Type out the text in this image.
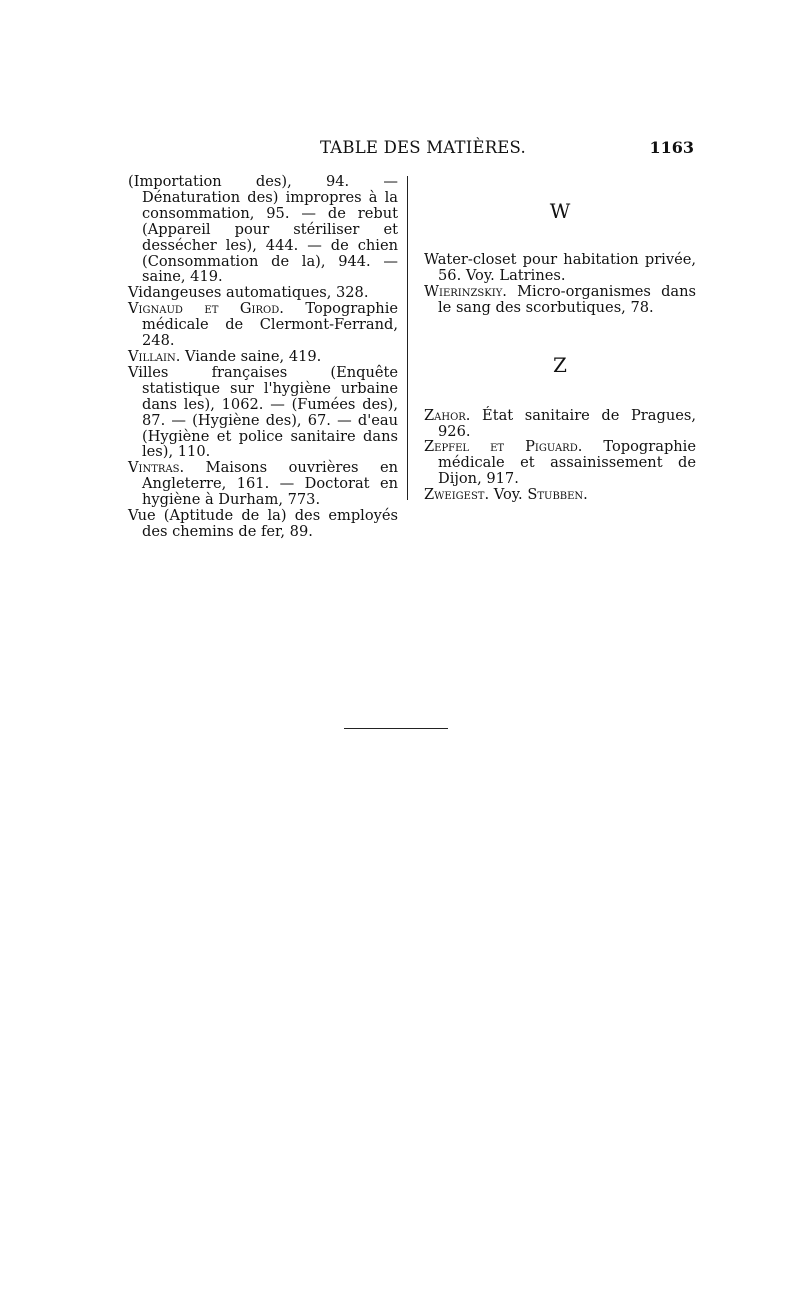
TABLE DES MATIÈRES.	1163

(Importation des), 94. — Dénaturation des) impropres à la consommation, 95. — de rebut (Appareil pour stériliser et dessécher les), 444. — de chien (Consommation de la), 944. — saine, 419.

Vidangeuses automatiques, 328.

Vignaud et Girod. Topographie médicale de Clermont-Ferrand, 248.

Villain. Viande saine, 419.

Villes françaises (Enquête statistique sur l'hygiène urbaine dans les), 1062. — (Fumées des), 87. — (Hygiène des), 67. — d'eau (Hygiène et police sanitaire dans les), 110.

Vintras. Maisons ouvrières en Angleterre, 161. — Doctorat en hygiène à Durham, 773.

Vue (Aptitude de la) des employés des chemins de fer, 89.

W

Water-closet pour habitation privée, 56. Voy. Latrines.

Wierinzskiy. Micro-organismes dans le sang des scorbutiques, 78.

Z

Zahor. État sanitaire de Pragues, 926.

Zepfel et Piguard. Topographie médicale et assainissement de Dijon, 917.

Zweigest. Voy. Stubben.
